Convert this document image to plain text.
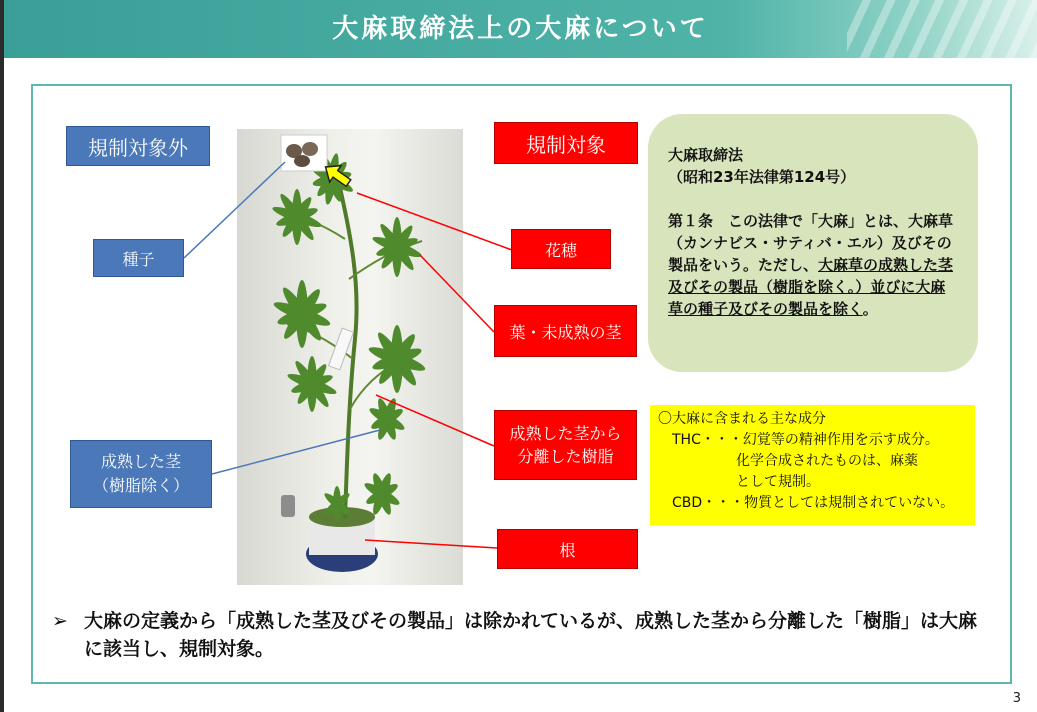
大麻取締法上の大麻について
規制対象外	規制対象
種子
成熟した茎
（樹脂除く）
花穂
葉・未成熟の茎
成熟した茎から
分離した樹脂
根
大麻取締法
（昭和23年法律第124号）
第１条　この法律で「大麻」とは、大麻草（カンナビス・サティバ・エル）及びその製品をいう。ただし、大麻草の成熟した茎及びその製品（樹脂を除く。）並びに大麻草の種子及びその製品を除く。
〇大麻に含まれる主な成分
THC・・・幻覚等の精神作用を示す成分。
化学合成されたものは、麻薬
として規制。
CBD・・・物質としては規制されていない。
➢ 大麻の定義から「成熟した茎及びその製品」は除かれているが、成熟した茎から分離した「樹脂」は大麻に該当し、規制対象。
3
